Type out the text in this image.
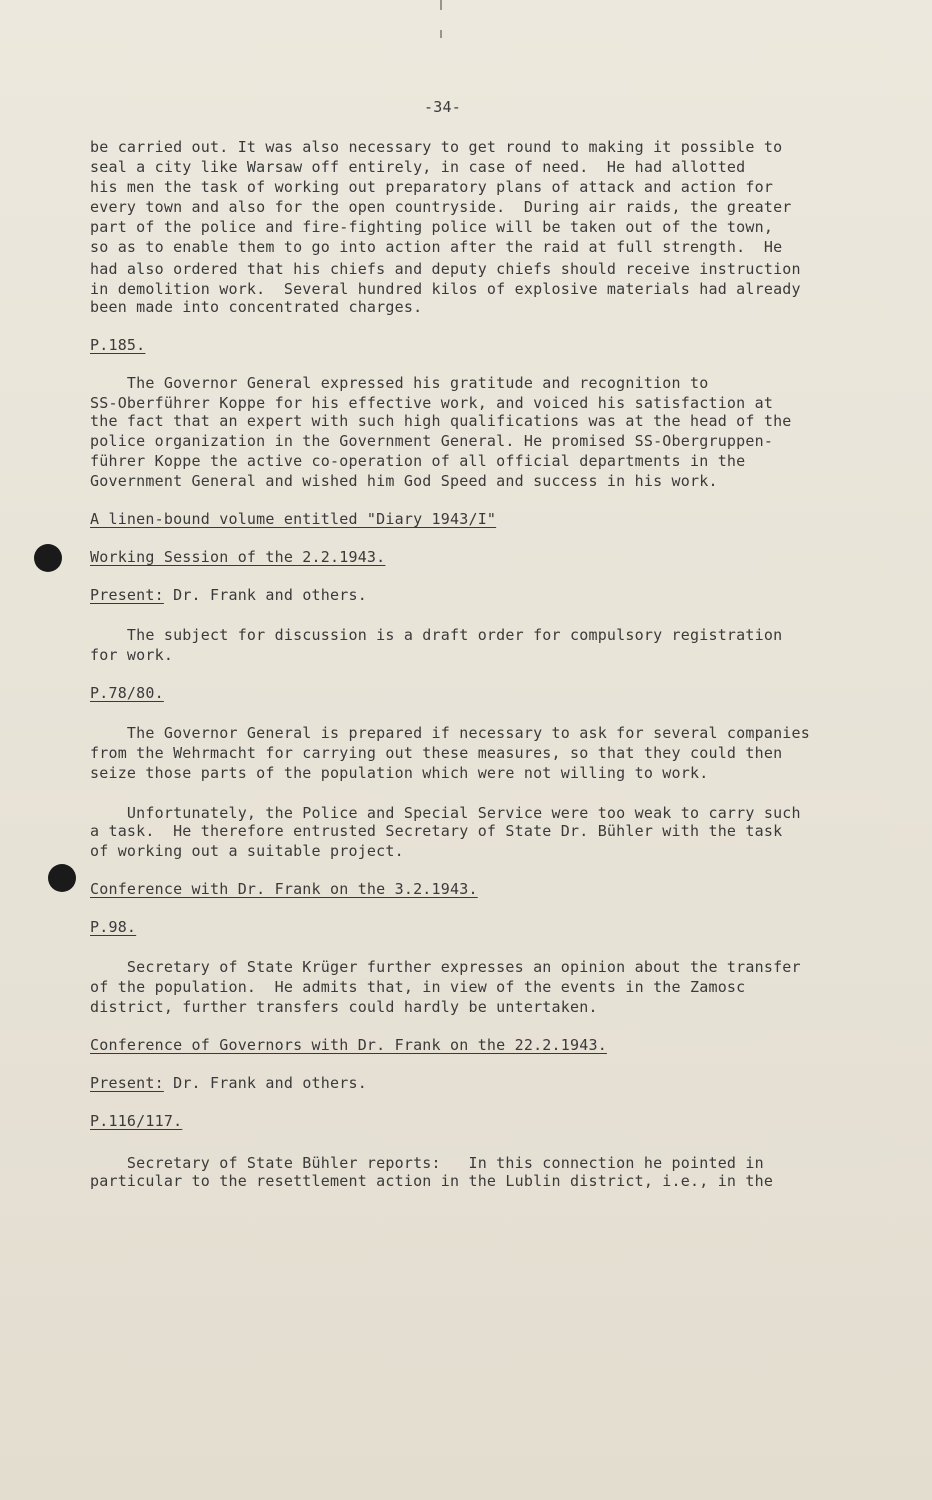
-34-
be carried out. It was also necessary to get round to making it possible to
seal a city like Warsaw off entirely, in case of need.  He had allotted
his men the task of working out preparatory plans of attack and action for
every town and also for the open countryside.  During air raids, the greater
part of the police and fire-fighting police will be taken out of the town,
so as to enable them to go into action after the raid at full strength.  He
had also ordered that his chiefs and deputy chiefs should receive instruction
in demolition work.  Several hundred kilos of explosive materials had already
been made into concentrated charges.
P.185.
The Governor General expressed his gratitude and recognition to
SS-Oberführer Koppe for his effective work, and voiced his satisfaction at
the fact that an expert with such high qualifications was at the head of the
police organization in the Government General. He promised SS-Obergruppen-
führer Koppe the active co-operation of all official departments in the
Government General and wished him God Speed and success in his work.
A linen-bound volume entitled "Diary 1943/I"
Working Session of the 2.2.1943.
Present: Dr. Frank and others.
The subject for discussion is a draft order for compulsory registration
for work.
P.78/80.
The Governor General is prepared if necessary to ask for several companies
from the Wehrmacht for carrying out these measures, so that they could then
seize those parts of the population which were not willing to work.
Unfortunately, the Police and Special Service were too weak to carry such
a task.  He therefore entrusted Secretary of State Dr. Bühler with the task
of working out a suitable project.
Conference with Dr. Frank on the 3.2.1943.
P.98.
Secretary of State Krüger further expresses an opinion about the transfer
of the population.  He admits that, in view of the events in the Zamosc
district, further transfers could hardly be untertaken.
Conference of Governors with Dr. Frank on the 22.2.1943.
Present: Dr. Frank and others.
P.116/117.
Secretary of State Bühler reports:   In this connection he pointed in
particular to the resettlement action in the Lublin district, i.e., in the
